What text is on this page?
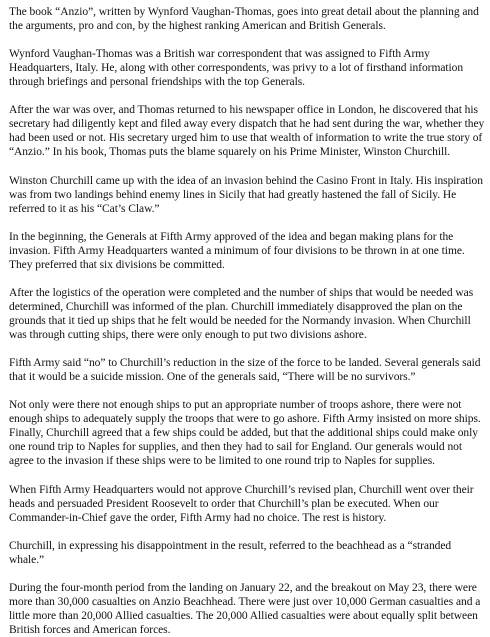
The book “Anzio”, written by Wynford Vaughan-Thomas, goes into great detail about the planning and the arguments, pro and con, by the highest ranking American and British Generals.

Wynford Vaughan-Thomas was a British war correspondent that was assigned to Fifth Army Headquarters, Italy. He, along with other correspondents, was privy to a lot of firsthand information through briefings and personal friendships with the top Generals.

After the war was over, and Thomas returned to his newspaper office in London, he discovered that his secretary had diligently kept and filed away every dispatch that he had sent during the war, whether they had been used or not. His secretary urged him to use that wealth of information to write the true story of “Anzio.” In his book, Thomas puts the blame squarely on his Prime Minister, Winston Churchill.

Winston Churchill came up with the idea of an invasion behind the Casino Front in Italy. His inspiration was from two landings behind enemy lines in Sicily that had greatly hastened the fall of Sicily. He referred to it as his “Cat’s Claw.”

In the beginning, the Generals at Fifth Army approved of the idea and began making plans for the invasion. Fifth Army Headquarters wanted a minimum of four divisions to be thrown in at one time. They preferred that six divisions be committed.

After the logistics of the operation were completed and the number of ships that would be needed was determined, Churchill was informed of the plan. Churchill immediately disapproved the plan on the grounds that it tied up ships that he felt would be needed for the Normandy invasion. When Churchill was through cutting ships, there were only enough to put two divisions ashore.

Fifth Army said “no” to Churchill’s reduction in the size of the force to be landed. Several generals said that it would be a suicide mission. One of the generals said, “There will be no survivors.”

Not only were there not enough ships to put an appropriate number of troops ashore, there were not enough ships to adequately supply the troops that were to go ashore. Fifth Army insisted on more ships. Finally, Churchill agreed that a few ships could be added, but that the additional ships could make only one round trip to Naples for supplies, and then they had to sail for England. Our generals would not agree to the invasion if these ships were to be limited to one round trip to Naples for supplies.

When Fifth Army Headquarters would not approve Churchill’s revised plan, Churchill went over their heads and persuaded President Roosevelt to order that Churchill’s plan be executed. When our Commander-in-Chief gave the order, Fifth Army had no choice. The rest is history.

Churchill, in expressing his disappointment in the result, referred to the beachhead as a “stranded whale.”

During the four-month period from the landing on January 22, and the breakout on May 23, there were more than 30,000 casualties on Anzio Beachhead. There were just over 10,000 German casualties and a little more than 20,000 Allied casualties. The 20,000 Allied casualties were about equally split between British forces and American forces.
